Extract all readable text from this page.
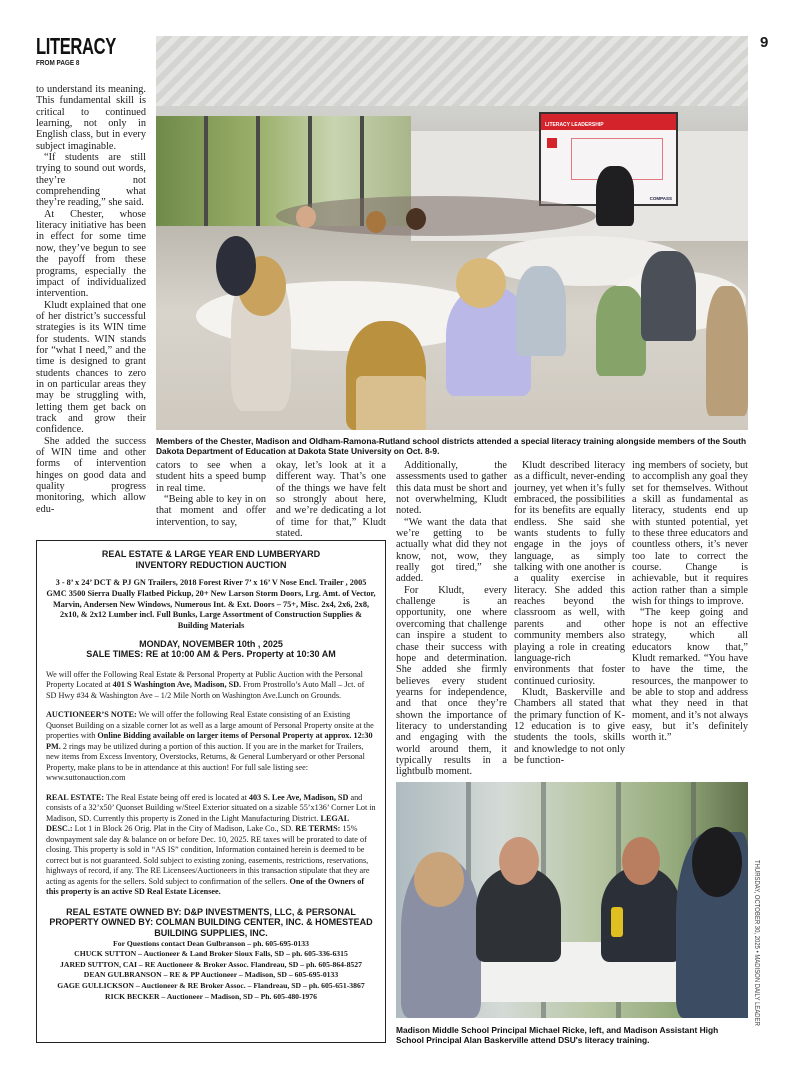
LITERACY
FROM PAGE 8
9
LITERACY LEADERSHIP
COMPASS
Members of the Chester, Madison and Oldham-Ramona-Rutland school districts attended a special literacy training alongside members of the South Dakota Department of Education at Dakota State University on Oct. 8-9.

to understand its meaning. This fundamental skill is critical to continued learning, not only in English class, but in every subject imaginable.

“If students are still trying to sound out words, they’re not comprehending what they’re reading,” she said.

At Chester, whose literacy initiative has been in effect for some time now, they’ve begun to see the payoff from these programs, especially the impact of individualized intervention.

Kludt explained that one of her district’s successful strategies is its WIN time for students. WIN stands for “what I need,” and the time is designed to grant students chances to zero in on particular areas they may be struggling with, letting them get back on track and grow their confidence.

She added the success of WIN time and other forms of intervention hinges on good data and quality progress monitoring, which allow edu-

cators to see when a student hits a speed bump in real time.

“Being able to key in on that moment and offer intervention, to say,

okay, let’s look at it a different way. That’s one of the things we have felt so strongly about here, and we’re dedicating a lot of time for that,” Kludt stated.

Additionally, the assessments used to gather this data must be short and not overwhelming, Kludt noted.

“We want the data that we’re getting to be actually what did they not know, not, wow, they really got tired,” she added.

For Kludt, every challenge is an opportunity, one where overcoming that challenge can inspire a student to chase their success with hope and determination. She added she firmly believes every student yearns for independence, and that once they’re shown the importance of literacy to understanding and engaging with the world around them, it typically results in a lightbulb moment.

Kludt described literacy as a difficult, never-ending journey, yet when it’s fully embraced, the possibilities for its benefits are equally endless. She said she wants students to fully engage in the joys of language, as simply talking with one another is a quality exercise in literacy. She added this reaches beyond the classroom as well, with parents and other community members also playing a role in creating language-rich environments that foster continued curiosity.

Kludt, Baskerville and Chambers all stated that the primary function of K-12 education is to give students the tools, skills and knowledge to not only be function-

ing members of society, but to accomplish any goal they set for themselves. Without a skill as fundamental as literacy, students end up with stunted potential, yet to these three educators and countless others, it’s never too late to correct the course. Change is achievable, but it requires action rather than a simple wish for things to improve.

“The keep going and hope is not an effective strategy, which all educators know that,” Kludt remarked. “You have to have the time, the resources, the manpower to be able to stop and address what they need in that moment, and it’s not always easy, but it’s definitely worth it.”

REAL ESTATE & LARGE YEAR END LUMBERYARD INVENTORY REDUCTION AUCTION

3 - 8’ x 24’ DCT & PJ GN Trailers, 2018 Forest River 7’ x 16’ V Nose Encl. Trailer , 2005 GMC 3500 Sierra Dually Flatbed Pickup, 20+ New Larson Storm Doors, Lrg. Amt. of Vector, Marvin, Andersen New Windows, Numerous Int. & Ext. Doors – 75+, Misc. 2x4, 2x6, 2x8, 2x10, & 2x12 Lumber incl. Full Bunks, Large Assortment of Construction Supplies & Building Materials

MONDAY, NOVEMBER 10th , 2025

SALE TIMES: RE at 10:00 AM & Pers. Property at 10:30 AM

We will offer the Following Real Estate & Personal Property at Public Auction with the Personal Property Located at 401 S Washington Ave, Madison, SD. From Prostrollo’s Auto Mall – Jct. of SD Hwy #34 & Washington Ave – 1/2 Mile North on Washington Ave.Lunch on Grounds.

AUCTIONEER’S NOTE: We will offer the following Real Estate consisting of an Existing Quonset Building on a sizable corner lot as well as a large amount of Personal Property onsite at the properties with Online Bidding available on larger items of Personal Property at approx. 12:30 PM. 2 rings may be utilized during a portion of this auction. If you are in the market for Trailers, new items from Excess Inventory, Overstocks, Returns, & General Lumberyard or other Personal Property, make plans to be in attendance at this auction! For full sale listing see: www.suttonauction.com

REAL ESTATE: The Real Estate being off ered is located at 403 S. Lee Ave, Madison, SD and consists of a 32’x50’ Quonset Building w/Steel Exterior situated on a sizable 55’x136’ Corner Lot in Madison, SD. Currently this property is Zoned in the Light Manufacturing District. LEGAL DESC.: Lot 1 in Block 26 Orig. Plat in the City of Madison, Lake Co., SD. RE TERMS: 15% downpayment sale day & balance on or before Dec. 10, 2025. RE taxes will be prorated to date of closing. This property is sold in “AS IS” condition, Information contained herein is deemed to be correct but is not guaranteed. Sold subject to existing zoning, easements, restrictions, reservations, highways of record, if any. The RE Licensees/Auctioneers in this transaction stipulate that they are acting as agents for the sellers. Sold subject to confirmation of the sellers. One of the Owners of this property is an active SD Real Estate Licensee.

REAL ESTATE OWNED BY: D&P INVESTMENTS, LLC, & PERSONAL PROPERTY OWNED BY: COLMAN BUILDING CENTER, INC. & HOMESTEAD BUILDING SUPPLIES, INC.

For Questions contact Dean Gulbranson – ph. 605-695-0133

CHUCK SUTTON – Auctioneer & Land Broker Sioux Falls, SD – ph. 605-336-6315

JARED SUTTON, CAI – RE Auctioneer & Broker Assoc. Flandreau, SD – ph. 605-864-8527

DEAN GULBRANSON – RE & PP Auctioneer – Madison, SD – 605-695-0133

GAGE GULLICKSON – Auctioneer & RE Broker Assoc. – Flandreau, SD – ph. 605-651-3867

RICK BECKER – Auctioneer – Madison, SD – Ph. 605-480-1976

Madison Middle School Principal Michael Ricke, left, and Madison Assistant High School Principal Alan Baskerville attend DSU's literacy training.
THURSDAY, OCTOBER 30, 2025 • MADISON DAILY LEADER
